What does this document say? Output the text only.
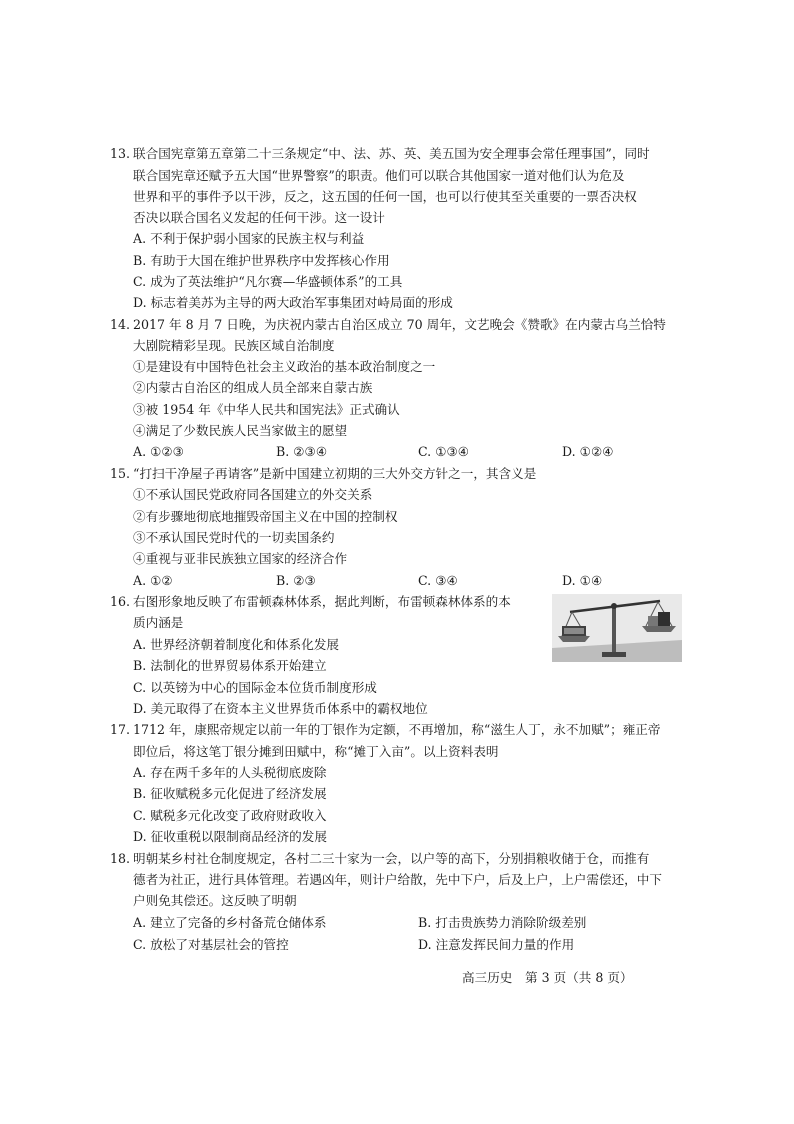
13. 联合国宪章第五章第二十三条规定“中、法、苏、英、美五国为安全理事会常任理事国”，同时
联合国宪章还赋予五大国“世界警察”的职责。他们可以联合其他国家一道对他们认为危及
世界和平的事件予以干涉，反之，这五国的任何一国，也可以行使其至关重要的一票否决权
否决以联合国名义发起的任何干涉。这一设计
A. 不利于保护弱小国家的民族主权与利益
B. 有助于大国在维护世界秩序中发挥核心作用
C. 成为了英法维护“凡尔赛—华盛顿体系”的工具
D. 标志着美苏为主导的两大政治军事集团对峙局面的形成
14. 2017 年 8 月 7 日晚，为庆祝内蒙古自治区成立 70 周年，文艺晚会《赞歌》在内蒙古乌兰恰特
大剧院精彩呈现。民族区域自治制度
①是建设有中国特色社会主义政治的基本政治制度之一
②内蒙古自治区的组成人员全部来自蒙古族
③被 1954 年《中华人民共和国宪法》正式确认
④满足了少数民族人民当家做主的愿望
A. ①②③	B. ②③④	C. ①③④	D. ①②④
15. “打扫干净屋子再请客”是新中国建立初期的三大外交方针之一，其含义是
①不承认国民党政府同各国建立的外交关系
②有步骤地彻底地摧毁帝国主义在中国的控制权
③不承认国民党时代的一切卖国条约
④重视与亚非民族独立国家的经济合作
A. ①②	B. ②③	C. ③④	D. ①④
16. 右图形象地反映了布雷顿森林体系，据此判断，布雷顿森林体系的本
质内涵是
A. 世界经济朝着制度化和体系化发展
B. 法制化的世界贸易体系开始建立
C. 以英镑为中心的国际金本位货币制度形成
D. 美元取得了在资本主义世界货币体系中的霸权地位
17. 1712 年，康熙帝规定以前一年的丁银作为定额，不再增加，称“滋生人丁，永不加赋”；雍正帝
即位后，将这笔丁银分摊到田赋中，称“摊丁入亩”。以上资料表明
A. 存在两千多年的人头税彻底废除
B. 征收赋税多元化促进了经济发展
C. 赋税多元化改变了政府财政收入
D. 征收重税以限制商品经济的发展
18. 明朝某乡村社仓制度规定，各村二三十家为一会，以户等的高下，分别捐粮收储于仓，而推有
德者为社正，进行具体管理。若遇凶年，则计户给散，先中下户，后及上户，上户需偿还，中下
户则免其偿还。这反映了明朝
A. 建立了完备的乡村备荒仓储体系	B. 打击贵族势力消除阶级差别
C. 放松了对基层社会的管控	D. 注意发挥民间力量的作用
高三历史　第 3 页（共 8 页）
